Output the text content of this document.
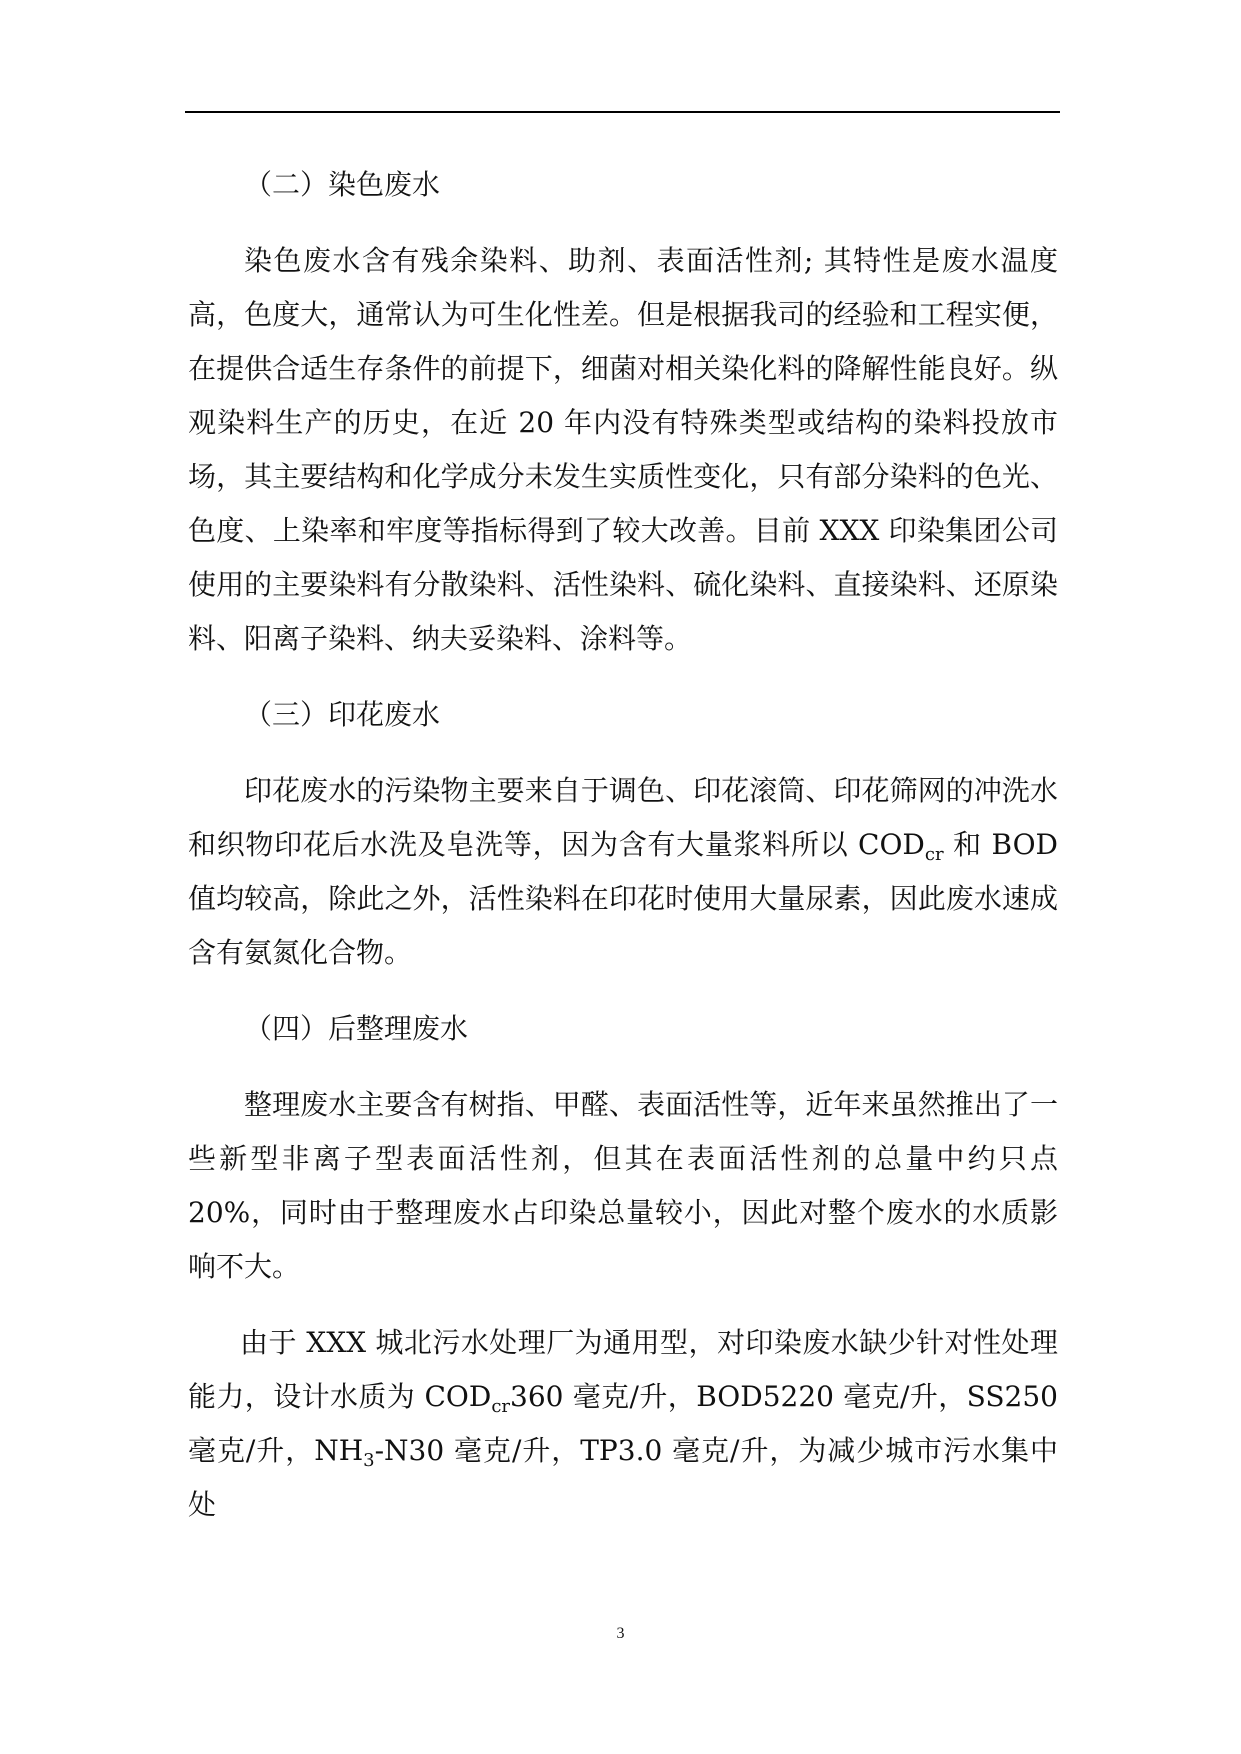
（二）染色废水

染色废水含有残余染料、助剂、表面活性剂; 其特性是废水温度高，色度大，通常认为可生化性差。但是根据我司的经验和工程实便，在提供合适生存条件的前提下，细菌对相关染化料的降解性能良好。纵观染料生产的历史，在近 20 年内没有特殊类型或结构的染料投放市场，其主要结构和化学成分未发生实质性变化，只有部分染料的色光、色度、上染率和牢度等指标得到了较大改善。目前 XXX 印染集团公司使用的主要染料有分散染料、活性染料、硫化染料、直接染料、还原染料、阳离子染料、纳夫妥染料、涂料等。

（三）印花废水

印花废水的污染物主要来自于调色、印花滚筒、印花筛网的冲洗水和织物印花后水洗及皂洗等，因为含有大量浆料所以 $COD_{cr}$ 和 BOD 值均较高，除此之外，活性染料在印花时使用大量尿素，因此废水速成含有氨氮化合物。

（四）后整理废水

整理废水主要含有树指、甲醛、表面活性等，近年来虽然推出了一些新型非离子型表面活性剂，但其在表面活性剂的总量中约只点 20%，同时由于整理废水占印染总量较小，因此对整个废水的水质影响不大。

由于 XXX 城北污水处理厂为通用型，对印染废水缺少针对性处理能力，设计水质为 $COD_{cr}360$ 毫克/升，BOD5220 毫克/升，SS250 毫克/升，$NH_3-N30$ 毫克/升，TP3.0 毫克/升，为减少城市污水集中处

3
